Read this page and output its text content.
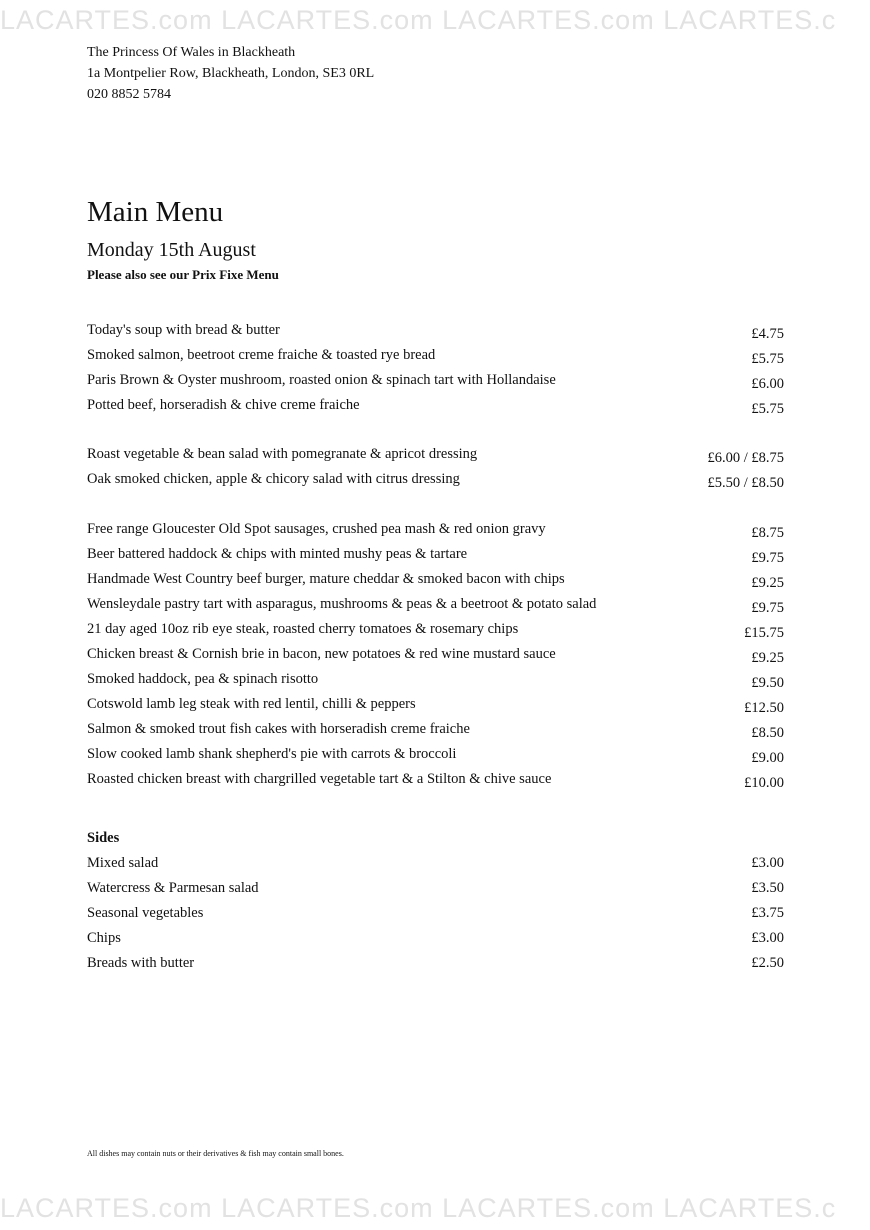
LACARTES.com LACARTES.com LACARTES.com LACARTES.c
The Princess Of Wales in Blackheath
1a Montpelier Row, Blackheath, London, SE3 0RL
020 8852 5784
Main Menu
Monday 15th August
Please also see our Prix Fixe Menu
Today's soup with bread & butter	£4.75
Smoked salmon, beetroot creme fraiche & toasted rye bread	£5.75
Paris Brown & Oyster mushroom, roasted onion & spinach tart with Hollandaise	£6.00
Potted beef, horseradish & chive creme fraiche	£5.75
Roast vegetable & bean salad with pomegranate & apricot dressing	£6.00 / £8.75
Oak smoked chicken, apple & chicory salad with citrus dressing	£5.50 / £8.50
Free range Gloucester Old Spot sausages, crushed pea mash & red onion gravy	£8.75
Beer battered haddock & chips with minted mushy peas & tartare	£9.75
Handmade West Country beef burger, mature cheddar & smoked bacon with chips	£9.25
Wensleydale pastry tart with asparagus, mushrooms & peas & a beetroot & potato salad	£9.75
21 day aged 10oz rib eye steak, roasted cherry tomatoes & rosemary chips	£15.75
Chicken breast & Cornish brie in bacon, new potatoes & red wine mustard sauce	£9.25
Smoked haddock, pea & spinach risotto	£9.50
Cotswold lamb leg steak with red lentil, chilli & peppers	£12.50
Salmon & smoked trout fish cakes with horseradish creme fraiche	£8.50
Slow cooked lamb shank shepherd's pie with carrots & broccoli	£9.00
Roasted chicken breast with chargrilled vegetable tart & a Stilton & chive sauce	£10.00
Sides
Mixed salad	£3.00
Watercress & Parmesan salad	£3.50
Seasonal vegetables	£3.75
Chips	£3.00
Breads with butter	£2.50
All dishes may contain nuts or their derivatives & fish may contain small bones.
LACARTES.com LACARTES.com LACARTES.com LACARTES.c
